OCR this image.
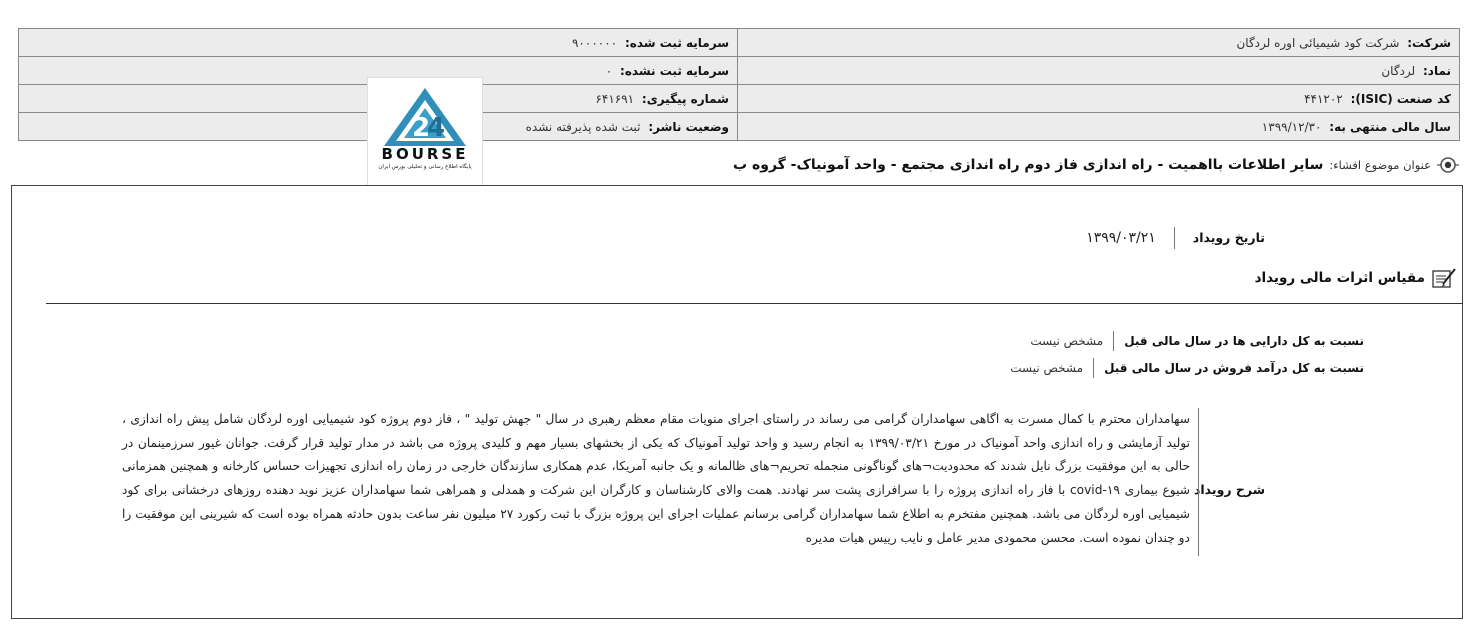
شرکت: شرکت کود شیمیائی اوره لردگان	سرمایه ثبت شده: ۹۰۰۰۰۰۰
نماد: لردگان	سرمایه ثبت نشده: ۰
کد صنعت (ISIC): ۴۴۱۲۰۲	شماره پیگیری: ۶۴۱۶۹۱
سال مالی منتهی به: ۱۳۹۹/۱۲/۳۰	وضعیت ناشر: ثبت شده پذیرفته نشده
2
4
BOURSE
پایگاه اطلاع رسانی و تحلیلی بورس ایران	عنوان موضوع افشاء:
سایر اطلاعات بااهمیت - راه اندازی فاز دوم راه اندازی مجتمع - واحد آمونیاک- گروه ب
تاریخ رویداد
۱۳۹۹/۰۳/۲۱
مقیاس اثرات مالی رویداد
نسبت به کل دارایی ها در سال مالی قبل
مشخص نیست
نسبت به کل درآمد فروش در سال مالی قبل
مشخص نیست
شرح رویداد
سهامداران محترم با کمال مسرت به اگاهی سهامداران گرامی می رساند در راستای اجرای منویات مقام معظم رهبری در سال " جهش تولید " ، فاز دوم پروژه کود شیمیایی اوره لردگان شامل پیش راه اندازی ، تولید آزمایشی و راه اندازی واحد آمونیاک در مورخ ۱۳۹۹/۰۳/۲۱ به انجام رسید و واحد تولید آمونیاک که یکی از بخشهای بسیار مهم و کلیدی پروژه می باشد در مدار تولید قرار گرفت. جوانان غیور سرزمینمان در حالی به این موفقیت بزرگ نایل شدند که محدودیت¬های گوناگونی منجمله تحریم¬های ظالمانه و یک جانبه آمریکا، عدم همکاری سازندگان خارجی در زمان راه اندازی تجهیزات حساس کارخانه و همچنین همزمانی شیوع بیماری covid-۱۹ با فاز راه اندازی پروژه را با سرافرازی پشت سر نهادند. همت والای کارشناسان و کارگران این شرکت و همدلی و همراهی شما سهامداران عزیز نوید دهنده روزهای درخشانی برای کود شیمیایی اوره لردگان می باشد. همچنین مفتخرم به اطلاع شما سهامداران گرامی برسانم عملیات اجرای این پروژه بزرگ با ثبت رکورد ۲۷ میلیون نفر ساعت بدون حادثه همراه بوده است که شیرینی این موفقیت را دو چندان نموده است. محسن محمودی مدیر عامل و نایب رییس هیات مدیره
